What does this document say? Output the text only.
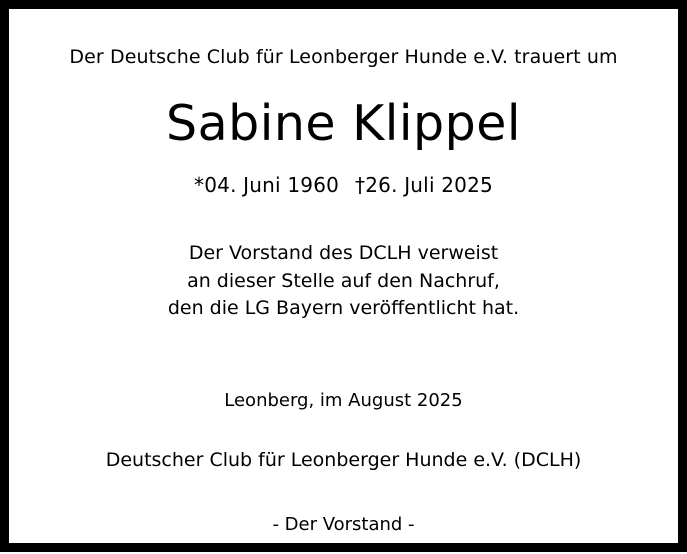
Der Deutsche Club für Leonberger Hunde e.V. trauert um

Sabine Klippel

*04. Juni 1960 †26. Juli 2025

Der Vorstand des DCLH verweist
an dieser Stelle auf den Nachruf,
den die LG Bayern veröffentlicht hat.

Leonberg, im August 2025

Deutscher Club für Leonberger Hunde e.V. (DCLH)

- Der Vorstand -
